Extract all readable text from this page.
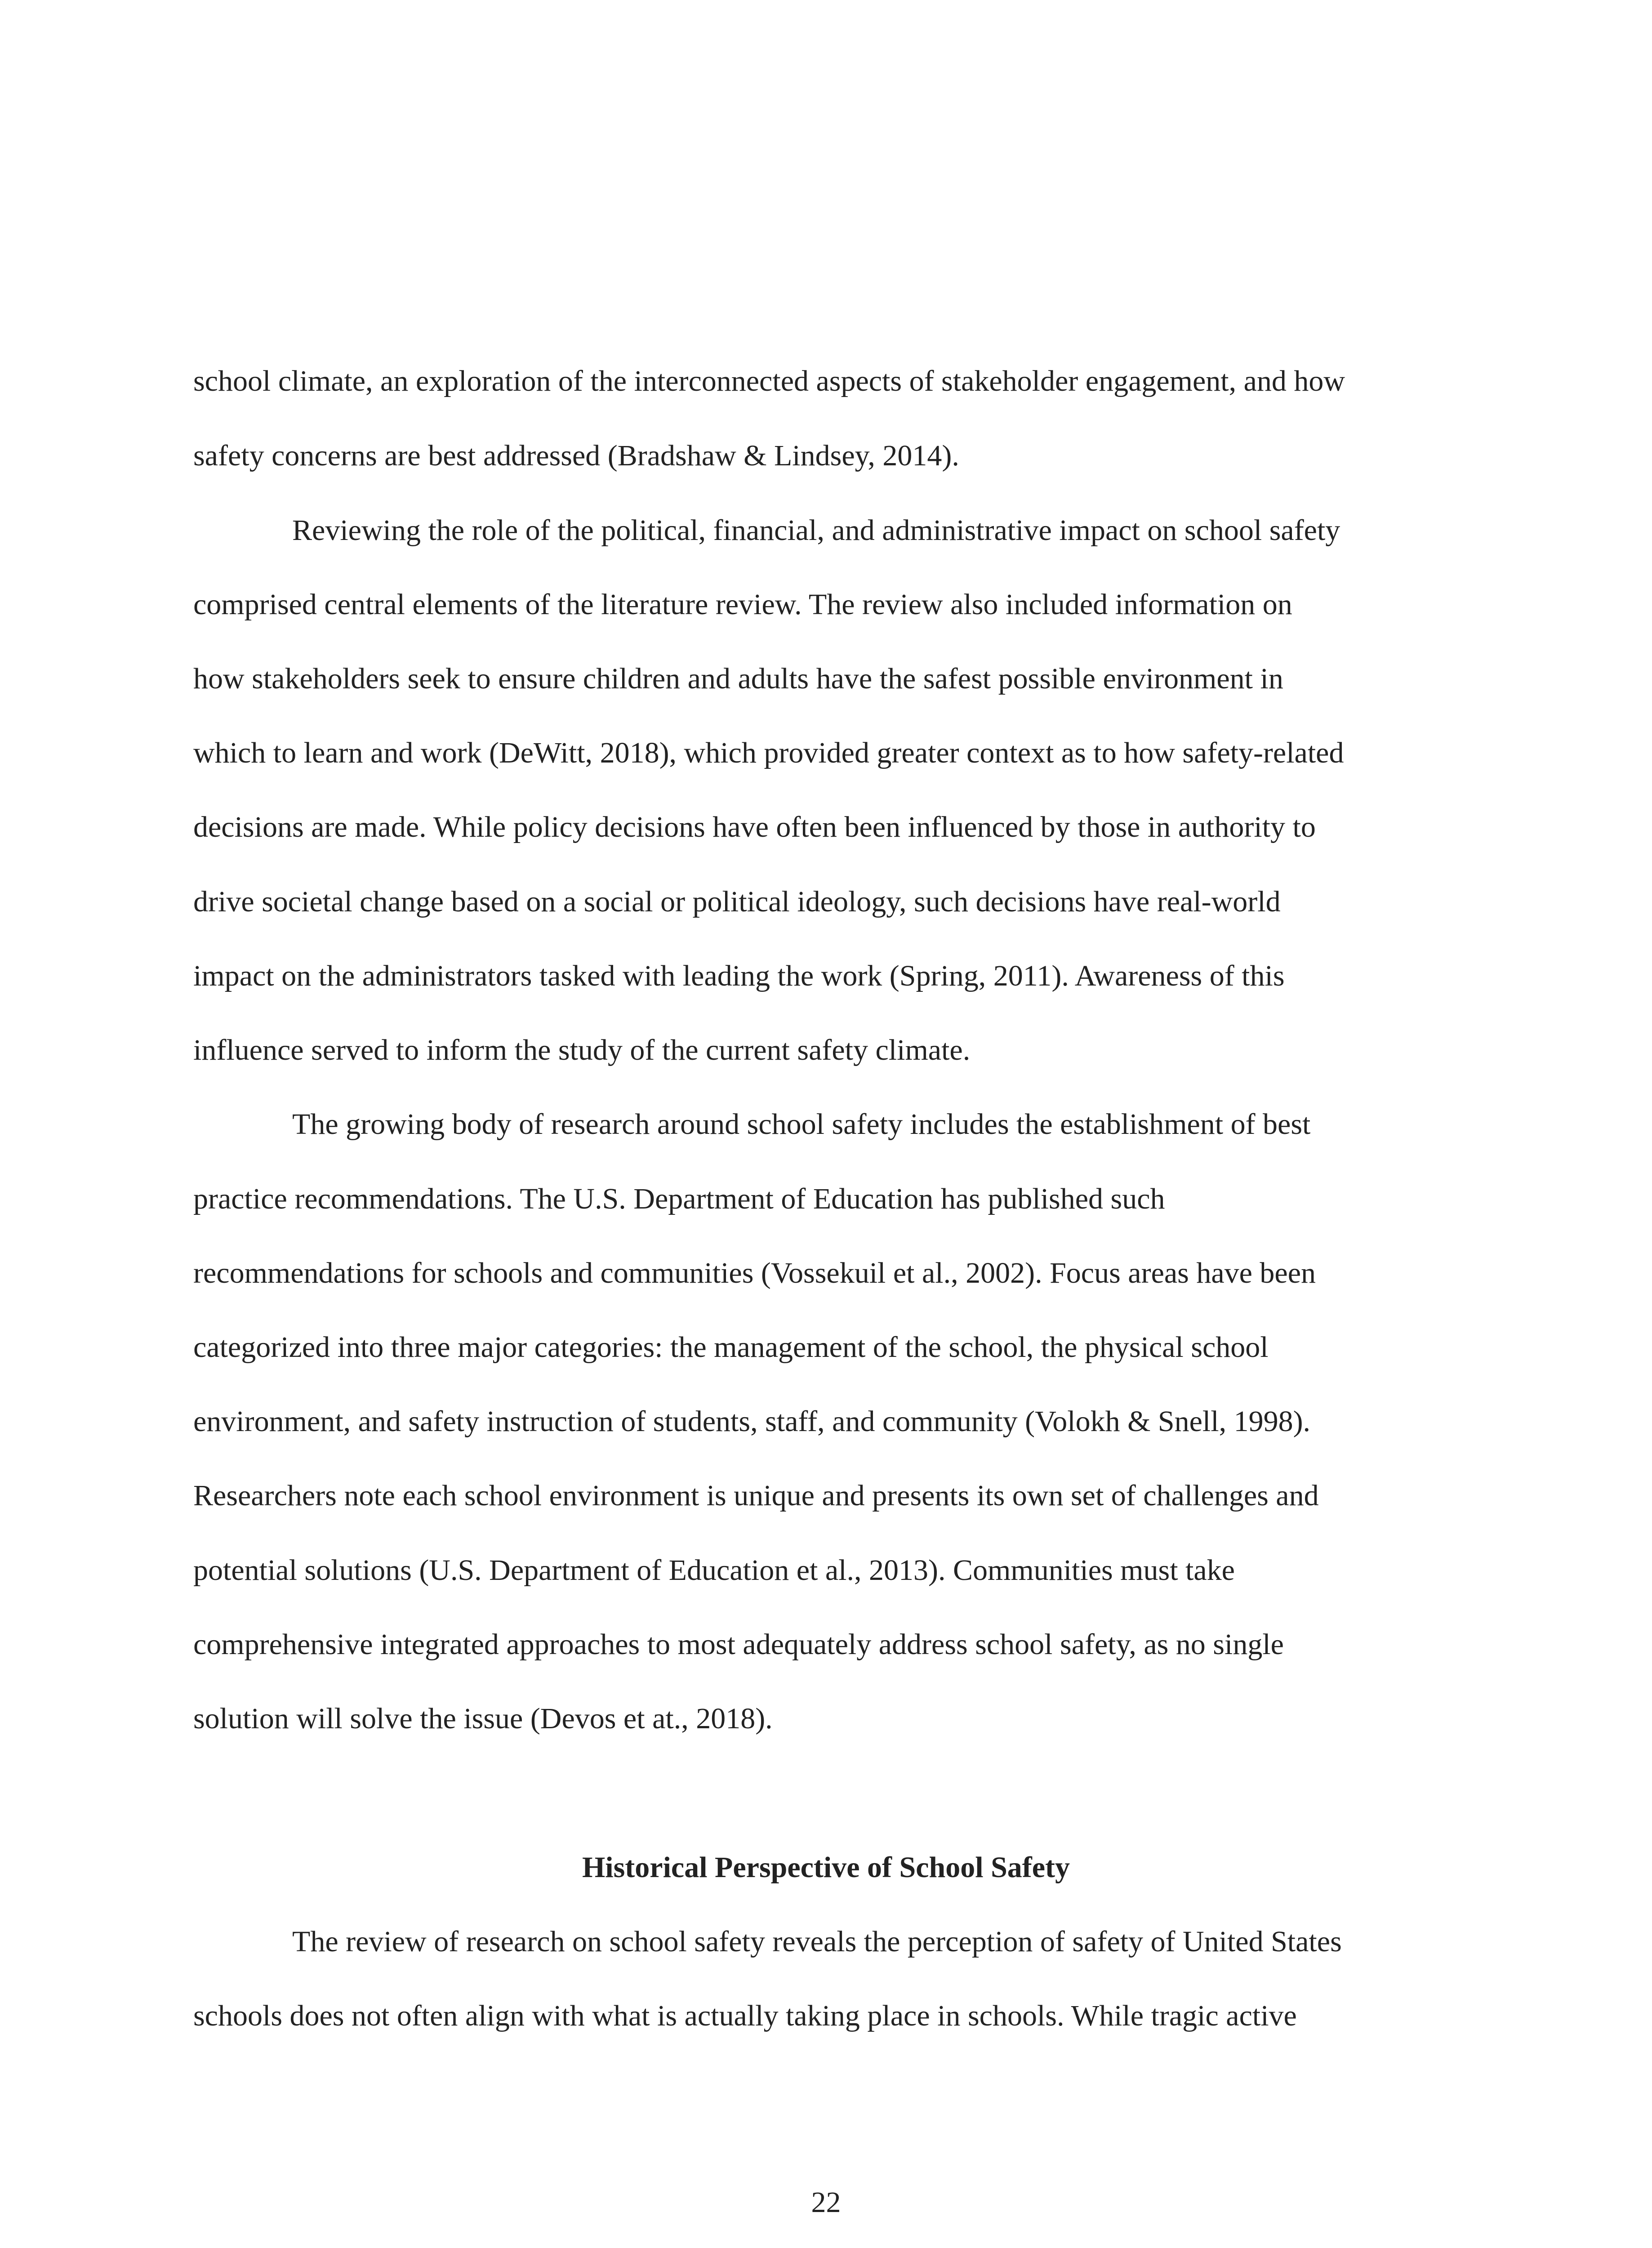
school climate, an exploration of the interconnected aspects of stakeholder engagement, and how
safety concerns are best addressed (Bradshaw & Lindsey, 2014).
Reviewing the role of the political, financial, and administrative impact on school safety
comprised central elements of the literature review. The review also included information on
how stakeholders seek to ensure children and adults have the safest possible environment in
which to learn and work (DeWitt, 2018), which provided greater context as to how safety-related
decisions are made. While policy decisions have often been influenced by those in authority to
drive societal change based on a social or political ideology, such decisions have real-world
impact on the administrators tasked with leading the work (Spring, 2011). Awareness of this
influence served to inform the study of the current safety climate.
The growing body of research around school safety includes the establishment of best
practice recommendations. The U.S. Department of Education has published such
recommendations for schools and communities (Vossekuil et al., 2002). Focus areas have been
categorized into three major categories: the management of the school, the physical school
environment, and safety instruction of students, staff, and community (Volokh & Snell, 1998).
Researchers note each school environment is unique and presents its own set of challenges and
potential solutions (U.S. Department of Education et al., 2013). Communities must take
comprehensive integrated approaches to most adequately address school safety, as no single
solution will solve the issue (Devos et at., 2018).
Historical Perspective of School Safety
The review of research on school safety reveals the perception of safety of United States
schools does not often align with what is actually taking place in schools. While tragic active
22
